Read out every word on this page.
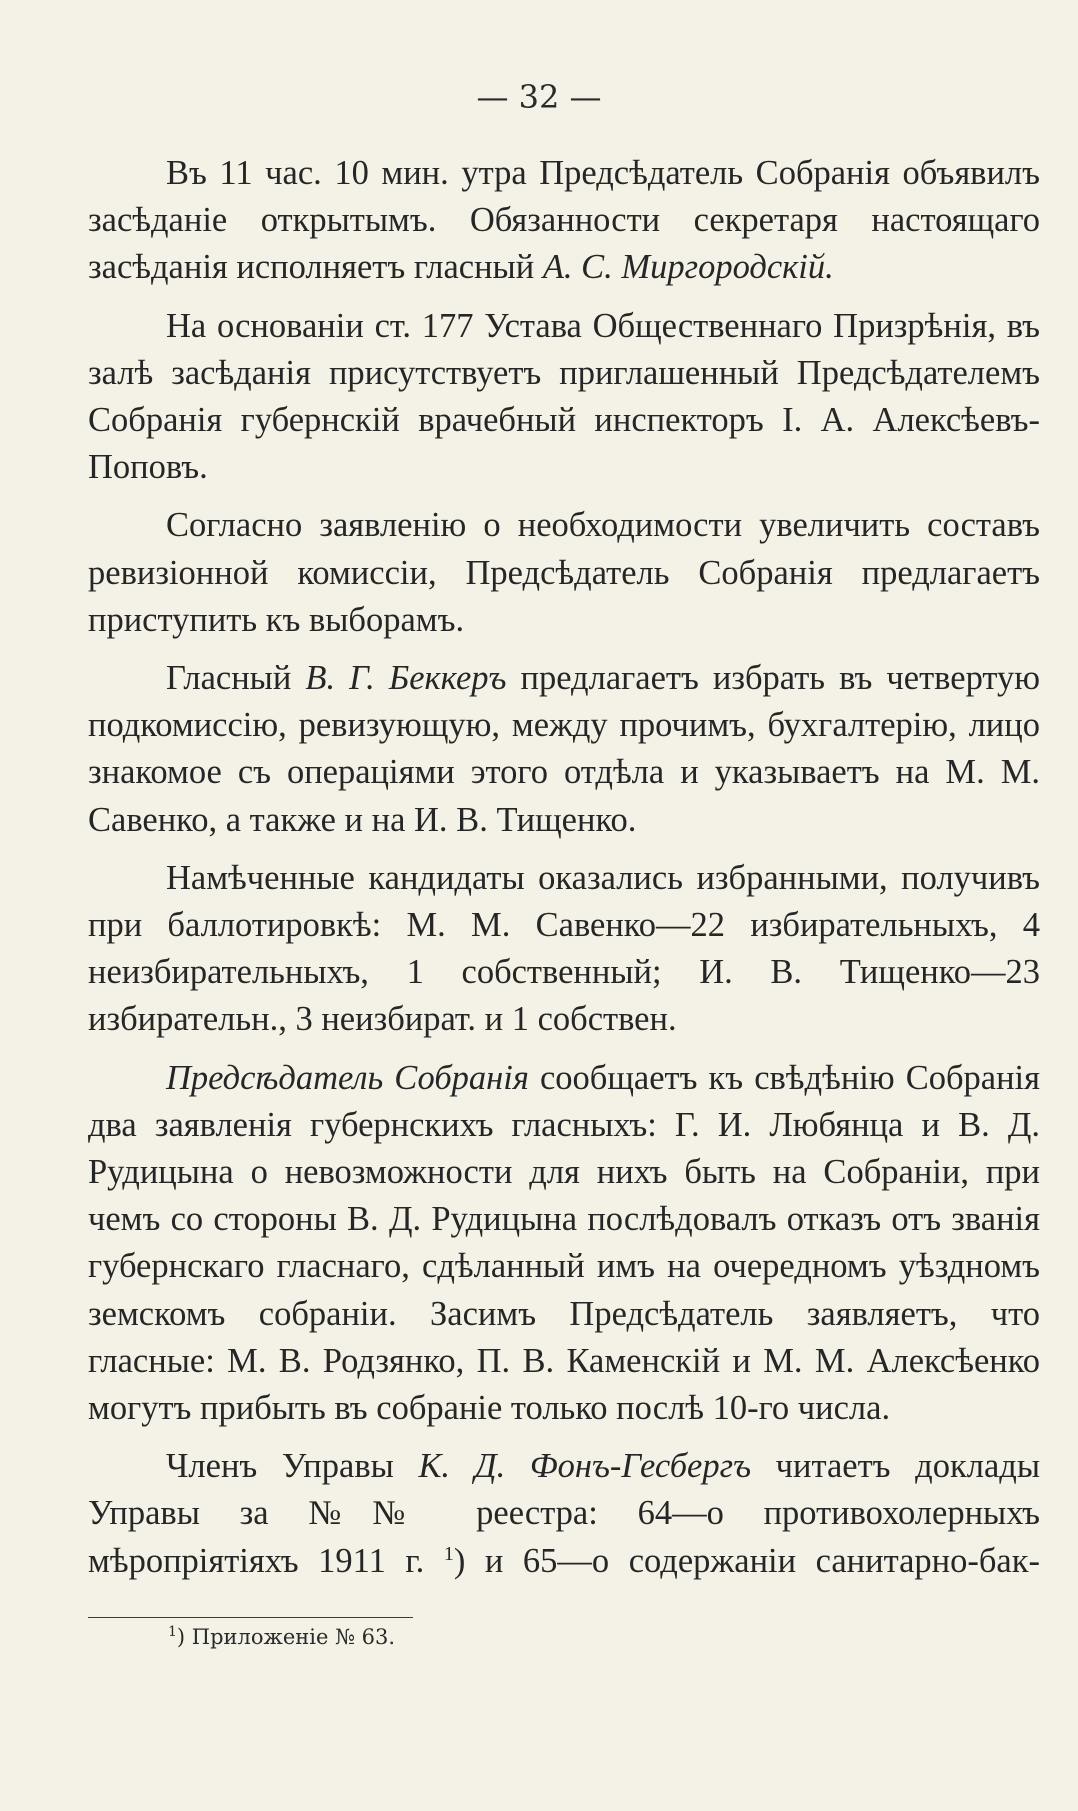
— 32 —

Въ 11 час. 10 мин. утра Предсѣдатель Собранія объявилъ засѣданіе открытымъ. Обязанности секретаря настоящаго засѣданія исполняетъ гласный А. С. Миргородскій.

На основаніи ст. 177 Устава Общественнаго Призрѣнія, въ залѣ засѣданія присутствуетъ приглашенный Предсѣдателемъ Собранія губернскій врачебный инспекторъ І. А. Алексѣевъ-Поповъ.

Согласно заявленію о необходимости увеличить составъ ревизіонной комиссіи, Предсѣдатель Собранія предлагаетъ приступить къ выборамъ.

Гласный В. Г. Беккеръ предлагаетъ избрать въ четвертую подкомиссію, ревизующую, между прочимъ, бухгалтерію, лицо знакомое съ операціями этого отдѣла и указываетъ на М. М. Савенко, а также и на И. В. Тищенко.

Намѣченные кандидаты оказались избранными, получивъ при баллотировкѣ: М. М. Савенко—22 избирательныхъ, 4 неизбирательныхъ, 1 собственный; И. В. Тищенко—23 избирательн., 3 неизбират. и 1 собствен.

Предсѣдатель Собранія сообщаетъ къ свѣдѣнію Собранія два заявленія губернскихъ гласныхъ: Г. И. Любянца и В. Д. Рудицына о невозможности для нихъ быть на Собраніи, при чемъ со стороны В. Д. Рудицына послѣдовалъ отказъ отъ званія губернскаго гласнаго, сдѣланный имъ на очередномъ уѣздномъ земскомъ собраніи. Засимъ Предсѣдатель заявляетъ, что гласные: М. В. Родзянко, П. В. Каменскій и М. М. Алексѣенко могутъ прибыть въ собраніе только послѣ 10-го числа.

Членъ Управы К. Д. Фонъ-Гесбергъ читаетъ доклады Управы за №№ реестра: 64—о противохолерныхъ мѣропріятіяхъ 1911 г. $^1$) и 65—о содержаніи санитарно-бак-

$^1$) Приложеніе № 63.
